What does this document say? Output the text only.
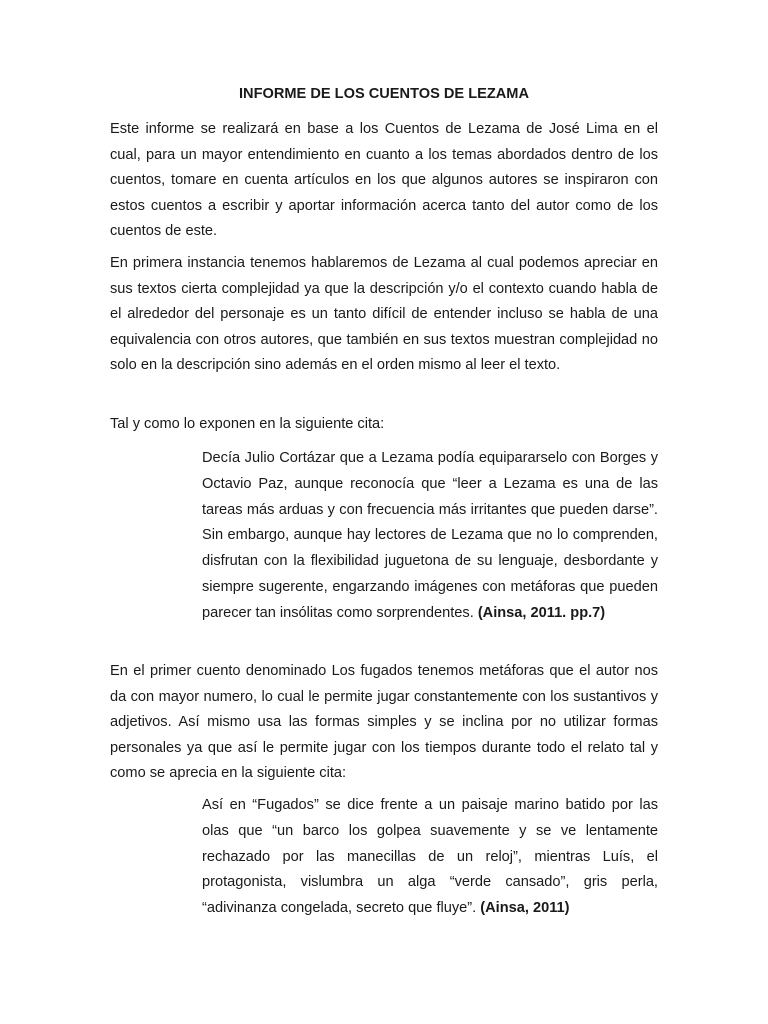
INFORME DE LOS CUENTOS DE LEZAMA

Este informe se realizará en base a los Cuentos de Lezama de José Lima en el cual, para un mayor entendimiento en cuanto a los temas abordados dentro de los cuentos, tomare en cuenta artículos en los que algunos autores se inspiraron con estos cuentos a escribir y aportar información acerca tanto del autor como de los cuentos de este.

En primera instancia tenemos hablaremos de Lezama al cual podemos apreciar en sus textos cierta complejidad ya que la descripción y/o el contexto cuando habla de el alrededor del personaje es un tanto difícil de entender incluso se habla de una equivalencia con otros autores, que también en sus textos muestran complejidad no solo en la descripción sino además en el orden mismo al leer el texto.

Tal y como lo exponen en la siguiente cita:

Decía Julio Cortázar que a Lezama podía equipararselo con Borges y Octavio Paz, aunque reconocía que “leer a Lezama es una de las tareas más arduas y con frecuencia más irritantes que pueden darse”. Sin embargo, aunque hay lectores de Lezama que no lo comprenden, disfrutan con la flexibilidad juguetona de su lenguaje, desbordante y siempre sugerente, engarzando imágenes con metáforas que pueden parecer tan insólitas como sorprendentes. (Ainsa, 2011. pp.7)

En el primer cuento denominado Los fugados tenemos metáforas que el autor nos da con mayor numero, lo cual le permite jugar constantemente con los sustantivos y adjetivos. Así mismo usa las formas simples y se inclina por no utilizar formas personales ya que así le permite jugar con los tiempos durante todo el relato tal y como se aprecia en la siguiente cita:

Así en “Fugados” se dice frente a un paisaje marino batido por las olas que “un barco los golpea suavemente y se ve lentamente rechazado por las manecillas de un reloj”, mientras Luís, el protagonista, vislumbra un alga “verde cansado”, gris perla, “adivinanza congelada, secreto que fluye”. (Ainsa, 2011)
